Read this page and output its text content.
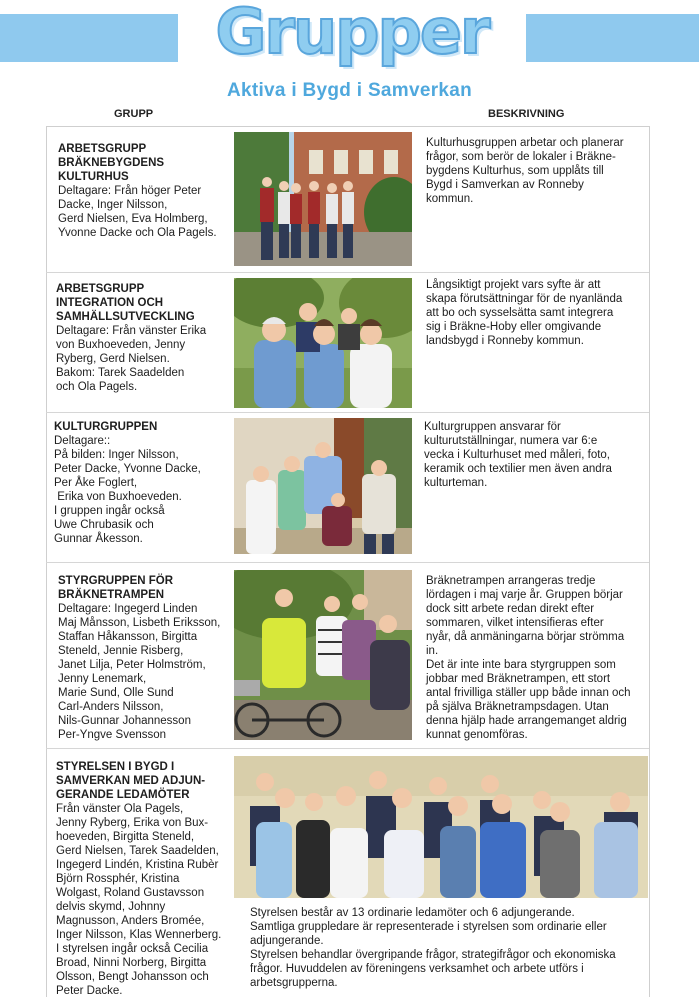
Grupper
Aktiva i Bygd i Samverkan
GRUPP	BESKRIVNING
ARBETSGRUPP
BRÄKNEBYGDENS
KULTURHUS
Deltagare: Från höger Peter
Dacke, Inger Nilsson,
Gerd Nielsen, Eva Holmberg,
Yvonne Dacke och Ola Pagels.
Kulturhusgruppen arbetar och planerar
frågor, som berör de lokaler i Bräkne-
bygdens Kulturhus, som upplåts till
Bygd i Samverkan av Ronneby
kommun.
ARBETSGRUPP
INTEGRATION OCH
SAMHÄLLSUTVECKLING
Deltagare: Från vänster Erika
von Buxhoeveden, Jenny
Ryberg, Gerd Nielsen.
Bakom: Tarek Saadelden
och Ola Pagels.
Långsiktigt projekt vars syfte är att
skapa förutsättningar för de nyanlända
att bo och sysselsätta samt integrera
sig i Bräkne-Hoby eller omgivande
landsbygd i Ronneby kommun.
KULTURGRUPPEN
Deltagare::
På bilden: Inger Nilsson,
Peter Dacke, Yvonne Dacke,
Per Åke Foglert,
Erika von Buxhoeveden.
I gruppen ingår också
Uwe Chrubasik och
Gunnar Åkesson.
Kulturgruppen ansvarar för
kulturutställningar, numera var 6:e
vecka i Kulturhuset med måleri, foto,
keramik och textilier men även andra
kulturteman.
STYRGRUPPEN FÖR
BRÄKNETRAMPEN
Deltagare: Ingegerd Linden
Maj Månsson, Lisbeth Eriksson,
Staffan Håkansson, Birgitta
Steneld, Jennie Risberg,
Janet Lilja, Peter Holmström,
Jenny Lenemark,
Marie Sund, Olle Sund
Carl-Anders Nilsson,
Nils-Gunnar Johannesson
Per-Yngve Svensson
Bräknetrampen arrangeras tredje
lördagen i maj varje år. Gruppen börjar
dock sitt arbete redan direkt efter
sommaren, vilket intensifieras efter
nyår, då anmäningarna börjar strömma
in.
Det är inte inte bara styrgruppen som
jobbar med Bräknetrampen, ett stort
antal frivilliga ställer upp både innan och
på själva Bräknetrampsdagen. Utan
denna hjälp hade arrangemanget aldrig
kunnat genomföras.
STYRELSEN I BYGD I
SAMVERKAN MED ADJUN-
GERANDE LEDAMÖTER
Från vänster Ola Pagels,
Jenny Ryberg, Erika von Bux-
hoeveden, Birgitta Steneld,
Gerd Nielsen, Tarek Saadelden,
Ingegerd Lindén, Kristina Rubèr
Björn Rossphér, Kristina
Wolgast, Roland Gustavsson
delvis skymd, Johnny
Magnusson, Anders Bromée,
Inger Nilsson, Klas Wennerberg.
I styrelsen ingår också Cecilia
Broad, Ninni Norberg, Birgitta
Olsson, Bengt Johansson och
Peter Dacke.
Styrelsen består av 13 ordinarie ledamöter och 6 adjungerande.
Samtliga gruppledare är representerade i styrelsen som ordinarie eller
adjungerande.
Styrelsen behandlar övergripande frågor, strategifrågor och ekonomiska
frågor. Huvuddelen av föreningens verksamhet och arbete utförs i
arbetsgrupperna.
